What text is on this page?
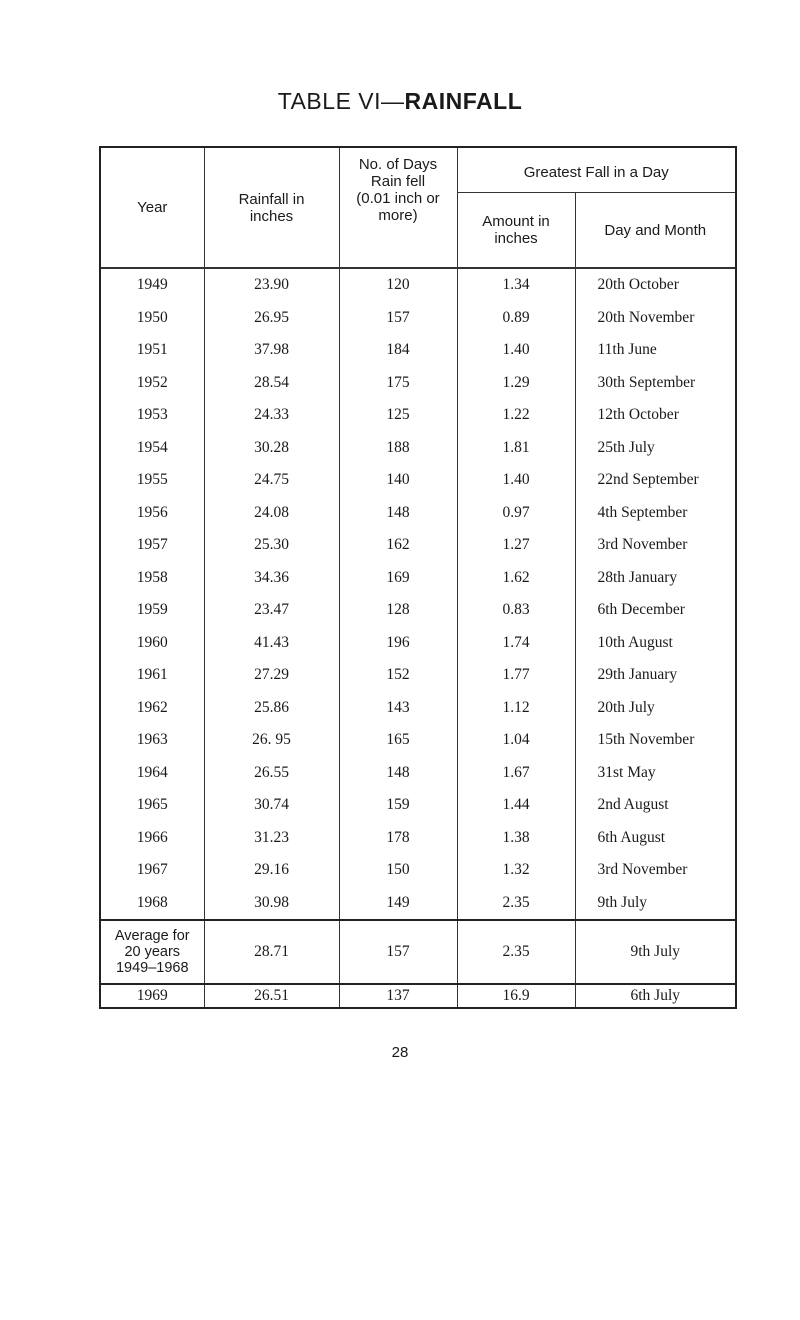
TABLE VI—RAINFALL
Year	Rainfall in inches	No. of Days Rain fell (0.01 inch or more)	Greatest Fall in a Day	

			Amount in inches	Day and Month
1949	23.90	120	1.34	20th October
1950	26.95	157	0.89	20th November
1951	37.98	184	1.40	11th June
1952	28.54	175	1.29	30th September
1953	24.33	125	1.22	12th October
1954	30.28	188	1.81	25th July
1955	24.75	140	1.40	22nd September
1956	24.08	148	0.97	4th September
1957	25.30	162	1.27	3rd November
1958	34.36	169	1.62	28th January
1959	23.47	128	0.83	6th December
1960	41.43	196	1.74	10th August
1961	27.29	152	1.77	29th January
1962	25.86	143	1.12	20th July
1963	26. 95	165	1.04	15th November
1964	26.55	148	1.67	31st May
1965	30.74	159	1.44	2nd August
1966	31.23	178	1.38	6th August
1967	29.16	150	1.32	3rd November
1968	30.98	149	2.35	9th July

Average for
20 years
1949–1968	28.71	157	2.35	9th July
1969	26.51	137	16.9	6th July
28
